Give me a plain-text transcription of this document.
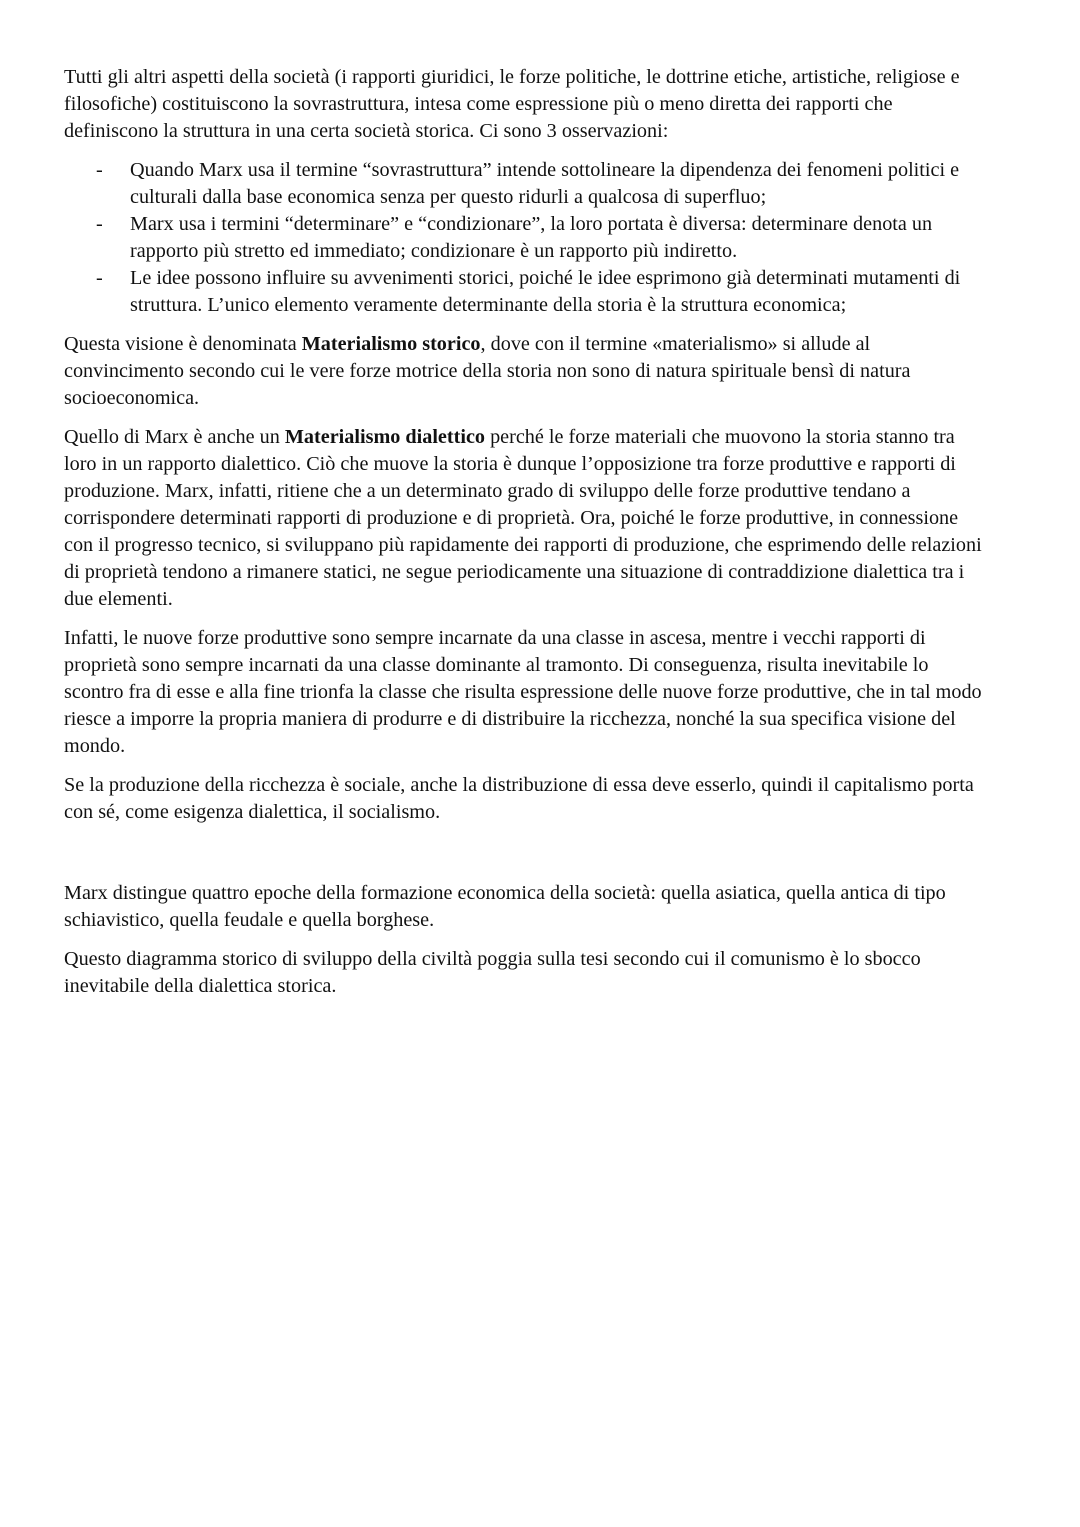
Tutti gli altri aspetti della società (i rapporti giuridici, le forze politiche, le dottrine etiche, artistiche, religiose e filosofiche) costituiscono la sovrastruttura, intesa come espressione più o meno diretta dei rapporti che definiscono la struttura in una certa società storica. Ci sono 3 osservazioni:

- Quando Marx usa il termine “sovrastruttura” intende sottolineare la dipendenza dei fenomeni politici e culturali dalla base economica senza per questo ridurli a qualcosa di superfluo;
- Marx usa i termini “determinare” e “condizionare”, la loro portata è diversa: determinare denota un rapporto più stretto ed immediato; condizionare è un rapporto più indiretto.
- Le idee possono influire su avvenimenti storici, poiché le idee esprimono già determinati mutamenti di struttura. L’unico elemento veramente determinante della storia è la struttura economica;

Questa visione è denominata Materialismo storico, dove con il termine «materialismo» si allude al convincimento secondo cui le vere forze motrice della storia non sono di natura spirituale bensì di natura socioeconomica.

Quello di Marx è anche un Materialismo dialettico perché le forze materiali che muovono la storia stanno tra loro in un rapporto dialettico. Ciò che muove la storia è dunque l’opposizione tra forze produttive e rapporti di produzione. Marx, infatti, ritiene che a un determinato grado di sviluppo delle forze produttive tendano a corrispondere determinati rapporti di produzione e di proprietà. Ora, poiché le forze produttive, in connessione con il progresso tecnico, si sviluppano più rapidamente dei rapporti di produzione, che esprimendo delle relazioni di proprietà tendono a rimanere statici, ne segue periodicamente una situazione di contraddizione dialettica tra i due elementi.

Infatti, le nuove forze produttive sono sempre incarnate da una classe in ascesa, mentre i vecchi rapporti di proprietà sono sempre incarnati da una classe dominante al tramonto. Di conseguenza, risulta inevitabile lo scontro fra di esse e alla fine trionfa la classe che risulta espressione delle nuove forze produttive, che in tal modo riesce a imporre la propria maniera di produrre e di distribuire la ricchezza, nonché la sua specifica visione del mondo.

Se la produzione della ricchezza è sociale, anche la distribuzione di essa deve esserlo, quindi il capitalismo porta con sé, come esigenza dialettica, il socialismo.

Marx distingue quattro epoche della formazione economica della società: quella asiatica, quella antica di tipo schiavistico, quella feudale e quella borghese.

Questo diagramma storico di sviluppo della civiltà poggia sulla tesi secondo cui il comunismo è lo sbocco inevitabile della dialettica storica.
